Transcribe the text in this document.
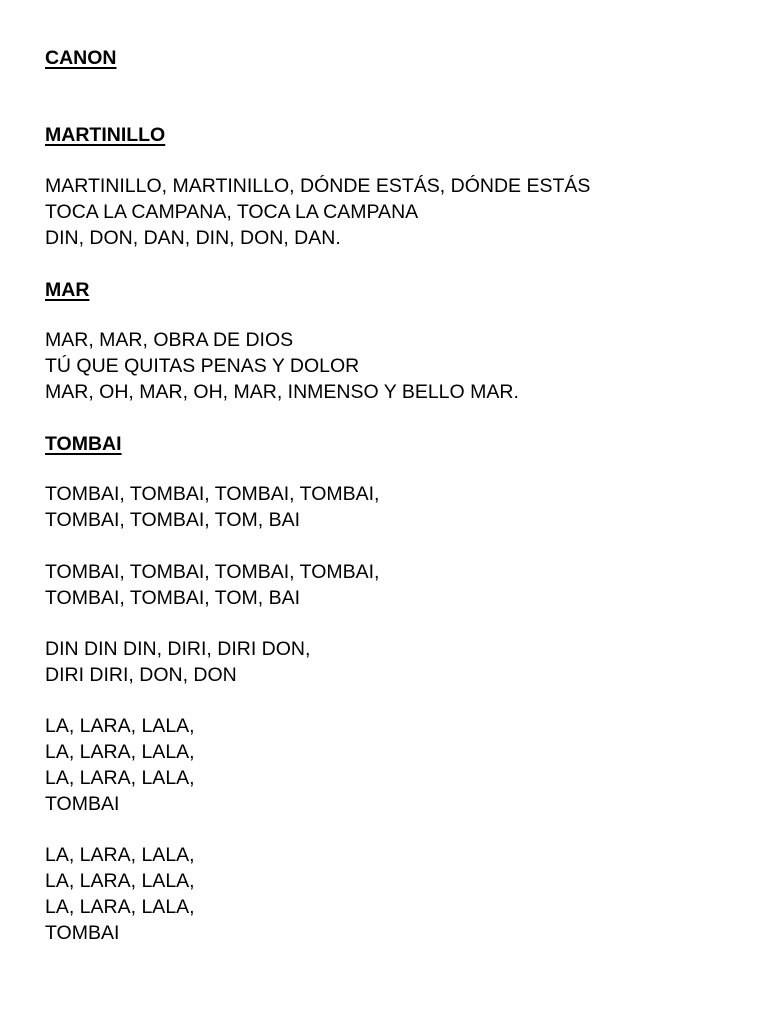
CANON
MARTINILLO
MARTINILLO, MARTINILLO, DÓNDE ESTÁS, DÓNDE ESTÁS
TOCA LA CAMPANA, TOCA LA CAMPANA
DIN, DON, DAN, DIN, DON, DAN.
MAR
MAR, MAR, OBRA DE DIOS
TÚ QUE QUITAS PENAS Y DOLOR
MAR, OH, MAR, OH, MAR, INMENSO Y BELLO MAR.
TOMBAI
TOMBAI, TOMBAI, TOMBAI, TOMBAI,
TOMBAI, TOMBAI, TOM, BAI
TOMBAI, TOMBAI, TOMBAI, TOMBAI,
TOMBAI, TOMBAI, TOM, BAI
DIN DIN DIN, DIRI, DIRI DON,
DIRI DIRI, DON, DON
LA, LARA, LALA,
LA, LARA, LALA,
LA, LARA, LALA,
TOMBAI
LA, LARA, LALA,
LA, LARA, LALA,
LA, LARA, LALA,
TOMBAI
